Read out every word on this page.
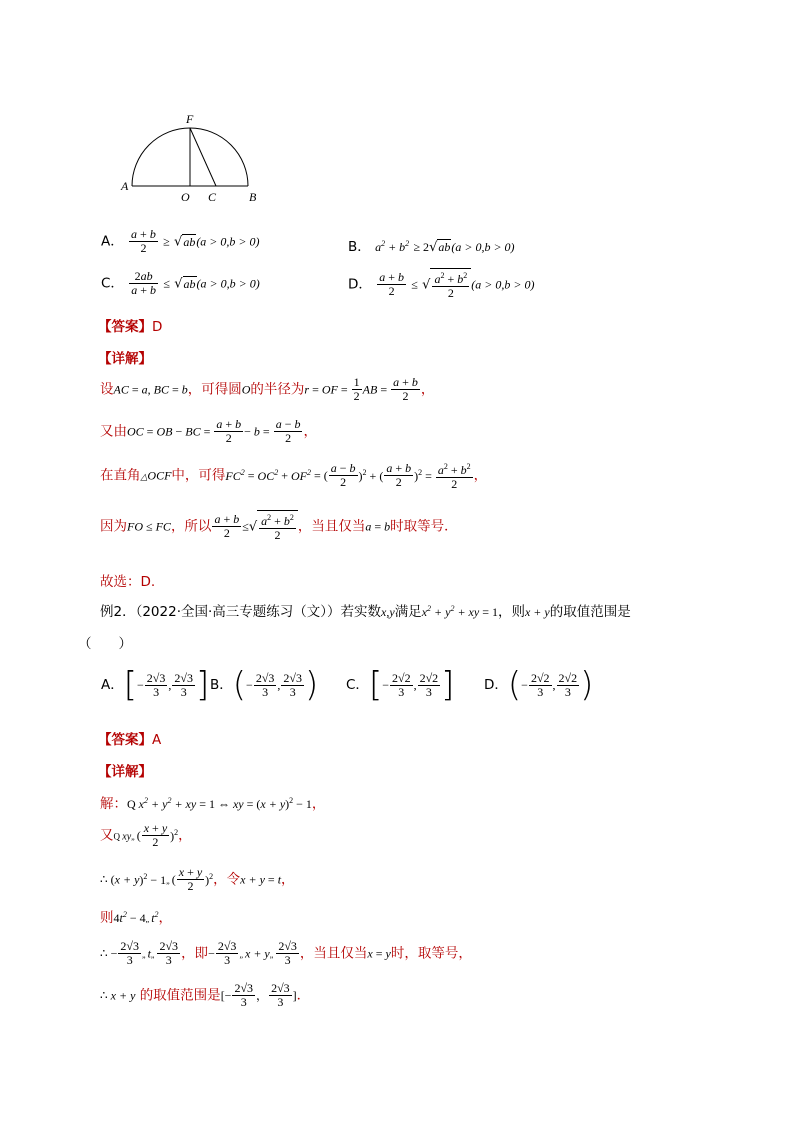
F
A
O C	B
A． $\frac{a + b}{2} \ge √ab(a > 0,b > 0)$	B． $a^2 + b^2 \ge 2√ab(a > 0,b > 0)$
C． $\frac{2ab}{a + b} \le √ab(a > 0,b > 0)$	D． $\frac{a + b}{2}$ ≤ √ $\frac{a^2 + b^2}{2} (a > 0,b > 0)$
【答案】D
【详解】
设AC = a, BC = b，可得圆O的半径为r = OF = $\frac{1}{2}$ AB = $\frac{a + b}{2}$ ，
又由OC = OB − BC = $\frac{a + b}{2} - b = \frac{a - b}{2}$ ，
在直角△OCF中，可得$FC^2 = OC^2 + OF^2$ = ( $\frac{a - b}{2} )^2$ + ( $\frac{a + b}{2} )^2 = \frac{a^2 + b^2}{2}$ ，
因为FO ≤ FC，所以 $\frac{a + b}{2}$ ≤√ $\frac{a^2 + b^2}{2}$ ，当且仅当a = b时取等号．
故选：D.
例2．（2022·全国·高三专题练习（文））若实数x,y满足$x^2 + y^2$ + xy = 1，则x + y的取值范围是
（　　）
A．[− $\frac{2√3}{3}$ , $\frac{2√3}{3}$ ] B．(− $\frac{2√3}{3}$ , $\frac{2√3}{3}$ ) C．[− $\frac{2√2}{3}$ , $\frac{2√2}{3}$ ] D．(− $\frac{2√2}{3}$ , $\frac{2√2}{3}$ )
【答案】A
【详解】
解：Q $x^2 + y^2$ + xy = 1 ⇔ xy = $(x + y)^2 - 1$，
又Q xy„ ( $\frac{x + y}{2} )^2$，
∴ $(x + y)^2$ − 1„ ( $\frac{x + y}{2} )^2$，令x + y = t，
则$4t^2$ − 4„ $t^2$，
∴ − $\frac{2√3}{3}$ „ t„ $\frac{2√3}{3}$ ，即− $\frac{2√3}{3}$ „ x + y„ $\frac{2√3}{3}$ ，当且仅当x = y时，取等号，
∴ x + y 的取值范围是[− $\frac{2√3}{3}$ ， $\frac{2√3}{3}$ ]．
